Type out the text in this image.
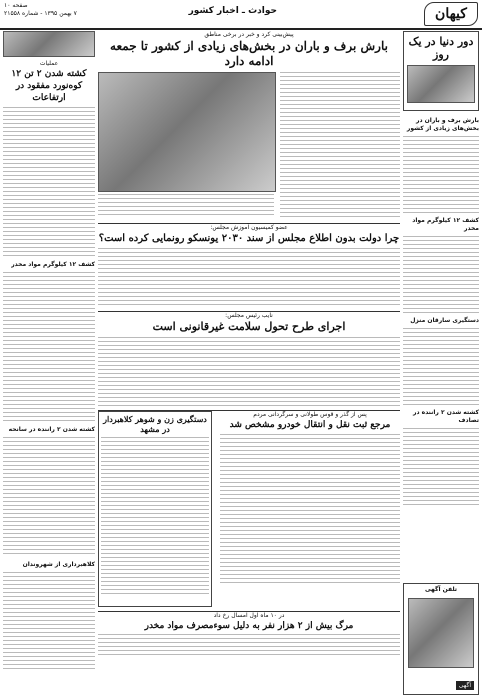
کیهان
حوادث ـ اخبار کشور
صفحه ۱۰
۷ بهمن ۱۳۹۵ - شماره ۲۱۵۵۸
دور دنیا در یک روز
بارش برف و باران در بخش‌های زیادی از کشور
کشف ۱۲ کیلوگرم مواد مخدر
دستگیری سارقان منزل
کشته شدن ۲ راننده در تصادف
تلفن آگهی
آگهی
پیش‌بینی کرد و خبر در برخی مناطق
بارش برف و باران در بخش‌های زیادی از کشور تا جمعه ادامه دارد
عضو کمیسیون آموزش مجلس:
چرا دولت بدون اطلاع مجلس از سند ۲۰۳۰ یونسکو رونمایی کرده است؟
نایب رئیس مجلس:
اجرای طرح تحول سلامت غیرقانونی است
پس از گذر و قوس طولانی و سرگردانی مردم
مرجع ثبت نقل و انتقال خودرو مشخص شد
دستگیری زن و شوهر کلاهبردار در مشهد
در ۱۰ ماه اول امسال رخ داد
مرگ بیش از ۲ هزار نفر به دلیل سوءمصرف مواد مخدر
عملیات
کشته شدن ۲ تن ۱۲ کوه‌نورد مفقود در ارتفاعات
کشف ۱۲ کیلوگرم مواد مخدر
کشته شدن ۲ راننده در سانحه
کلاهبرداری از شهروندان
